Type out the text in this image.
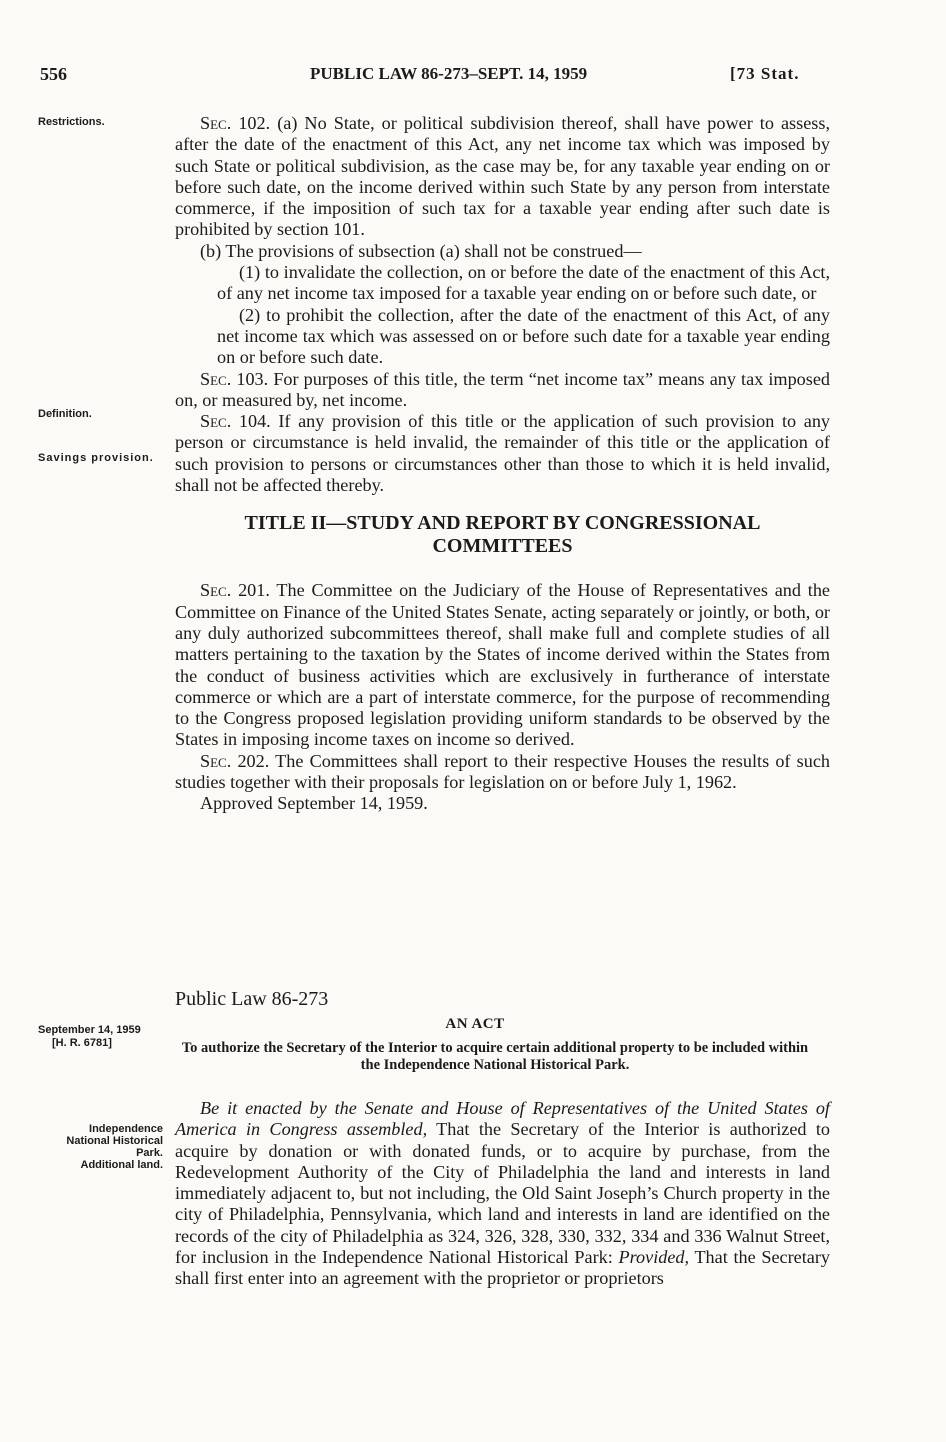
556	PUBLIC LAW 86-273–SEPT. 14, 1959	[73 Stat.
Restrictions.
Definition.
Savings provision.
September 14, 1959
[H. R. 6781]
Independence
National Historical Park.
Additional land.

Sec. 102. (a) No State, or political subdivision thereof, shall have power to assess, after the date of the enactment of this Act, any net income tax which was imposed by such State or political subdivision, as the case may be, for any taxable year ending on or before such date, on the income derived within such State by any person from interstate commerce, if the imposition of such tax for a taxable year ending after such date is prohibited by section 101.

(b) The provisions of subsection (a) shall not be construed—

(1) to invalidate the collection, on or before the date of the enactment of this Act, of any net income tax imposed for a taxable year ending on or before such date, or

(2) to prohibit the collection, after the date of the enactment of this Act, of any net income tax which was assessed on or before such date for a taxable year ending on or before such date.

Sec. 103. For purposes of this title, the term “net income tax” means any tax imposed on, or measured by, net income.

Sec. 104. If any provision of this title or the application of such provision to any person or circumstance is held invalid, the remainder of this title or the application of such provision to persons or circumstances other than those to which it is held invalid, shall not be affected thereby.

TITLE II—STUDY AND REPORT BY CONGRESSIONAL COMMITTEES

Sec. 201. The Committee on the Judiciary of the House of Representatives and the Committee on Finance of the United States Senate, acting separately or jointly, or both, or any duly authorized subcommittees thereof, shall make full and complete studies of all matters pertaining to the taxation by the States of income derived within the States from the conduct of business activities which are exclusively in furtherance of interstate commerce or which are a part of interstate commerce, for the purpose of recommending to the Congress proposed legislation providing uniform standards to be observed by the States in imposing income taxes on income so derived.

Sec. 202. The Committees shall report to their respective Houses the results of such studies together with their proposals for legislation on or before July 1, 1962.

Approved September 14, 1959.

Public Law 86-273
AN ACT
To authorize the Secretary of the Interior to acquire certain additional property to be included within the Independence National Historical Park.

Be it enacted by the Senate and House of Representatives of the United States of America in Congress assembled, That the Secretary of the Interior is authorized to acquire by donation or with donated funds, or to acquire by purchase, from the Redevelopment Authority of the City of Philadelphia the land and interests in land immediately adjacent to, but not including, the Old Saint Joseph’s Church property in the city of Philadelphia, Pennsylvania, which land and interests in land are identified on the records of the city of Philadelphia as 324, 326, 328, 330, 332, 334 and 336 Walnut Street, for inclusion in the Independence National Historical Park: Provided, That the Secretary shall first enter into an agreement with the proprietor or proprietors
